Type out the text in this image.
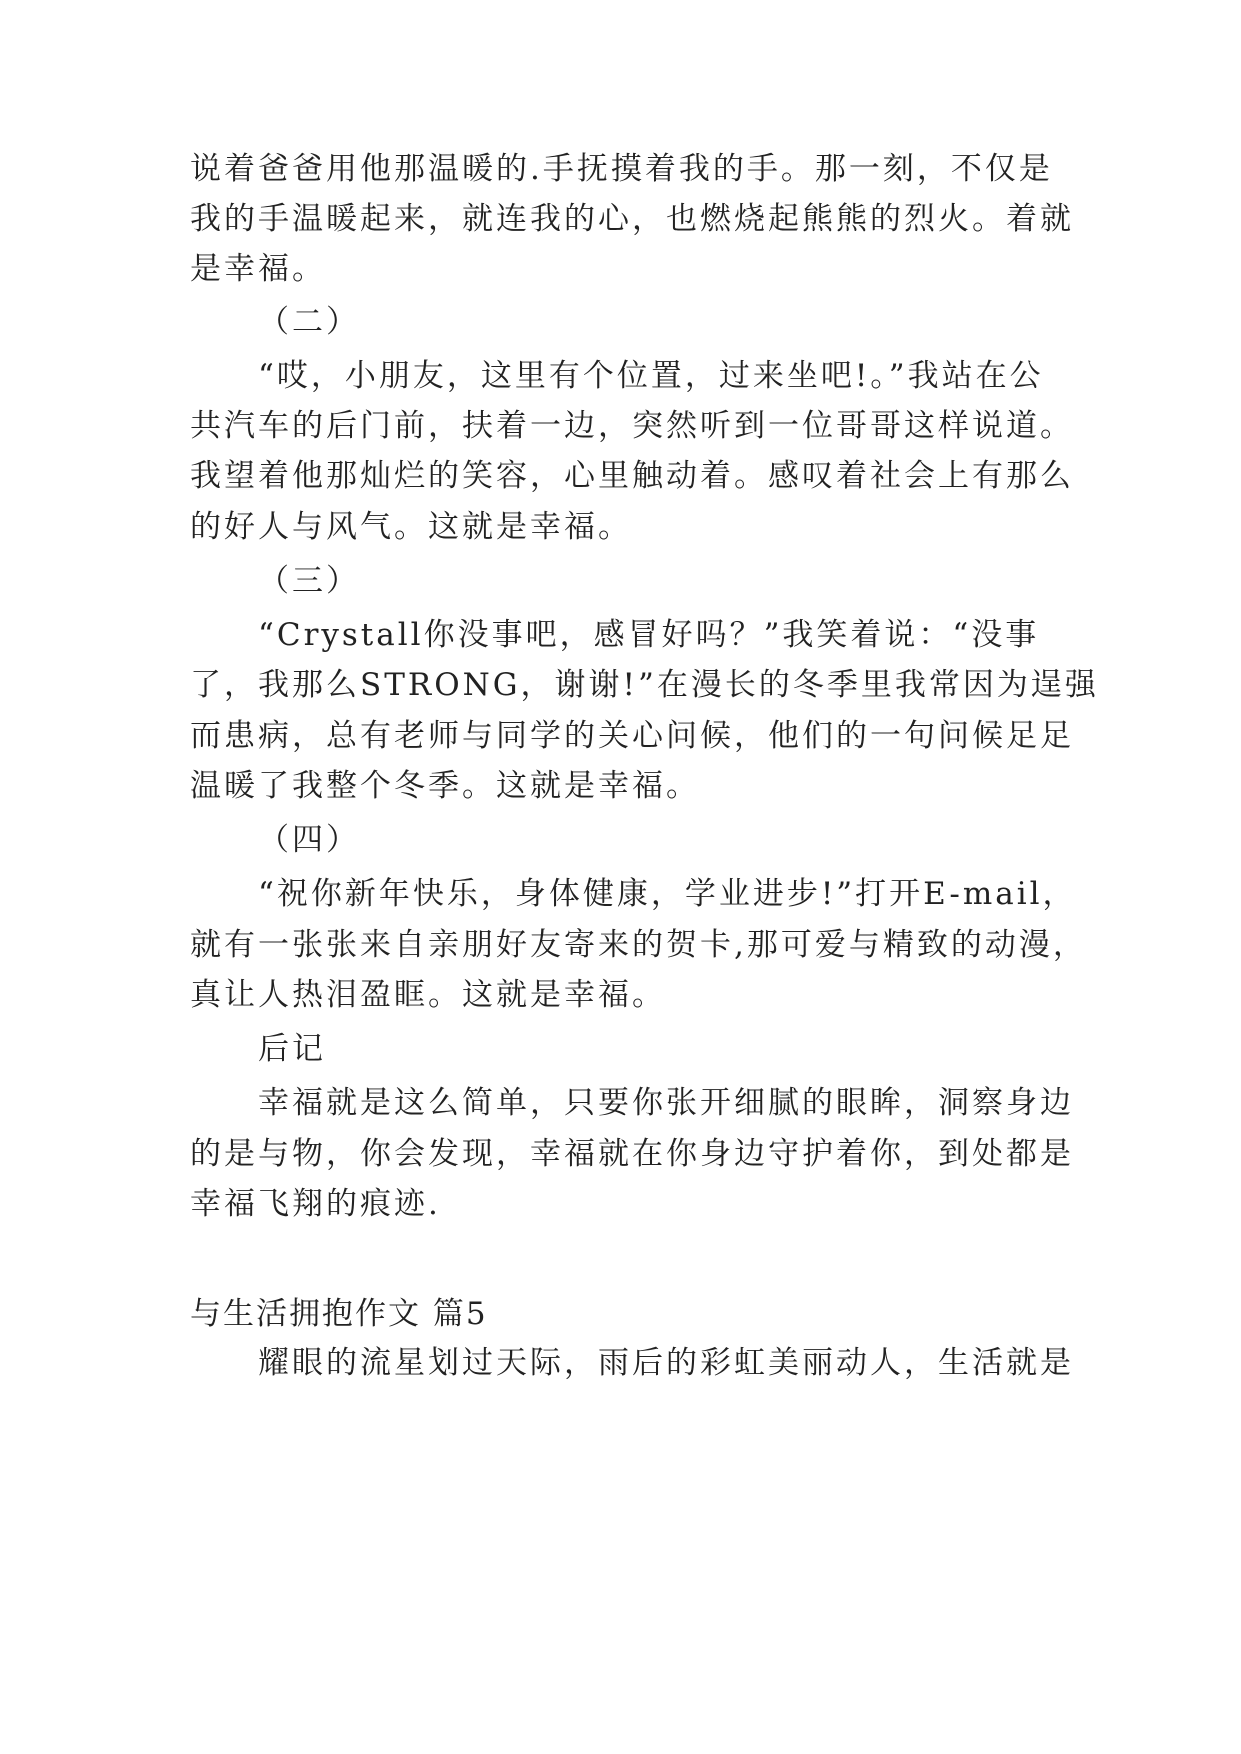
说着爸爸用他那温暖的.手抚摸着我的手。那一刻，不仅是
我的手温暖起来，就连我的心，也燃烧起熊熊的烈火。着就
是幸福。
（二）
“哎，小朋友，这里有个位置，过来坐吧!。”我站在公
共汽车的后门前，扶着一边，突然听到一位哥哥这样说道。
我望着他那灿烂的笑容，心里触动着。感叹着社会上有那么
的好人与风气。这就是幸福。
（三）
“Crystall你没事吧，感冒好吗？”我笑着说：“没事
了，我那么STRONG，谢谢!”在漫长的冬季里我常因为逞强
而患病，总有老师与同学的关心问候，他们的一句问候足足
温暖了我整个冬季。这就是幸福。
（四）
“祝你新年快乐，身体健康，学业进步!”打开E-mail，
就有一张张来自亲朋好友寄来的贺卡,那可爱与精致的动漫，
真让人热泪盈眶。这就是幸福。
后记
幸福就是这么简单，只要你张开细腻的眼眸，洞察身边
的是与物，你会发现，幸福就在你身边守护着你，到处都是
幸福飞翔的痕迹.
与生活拥抱作文 篇5
耀眼的流星划过天际，雨后的彩虹美丽动人，生活就是
